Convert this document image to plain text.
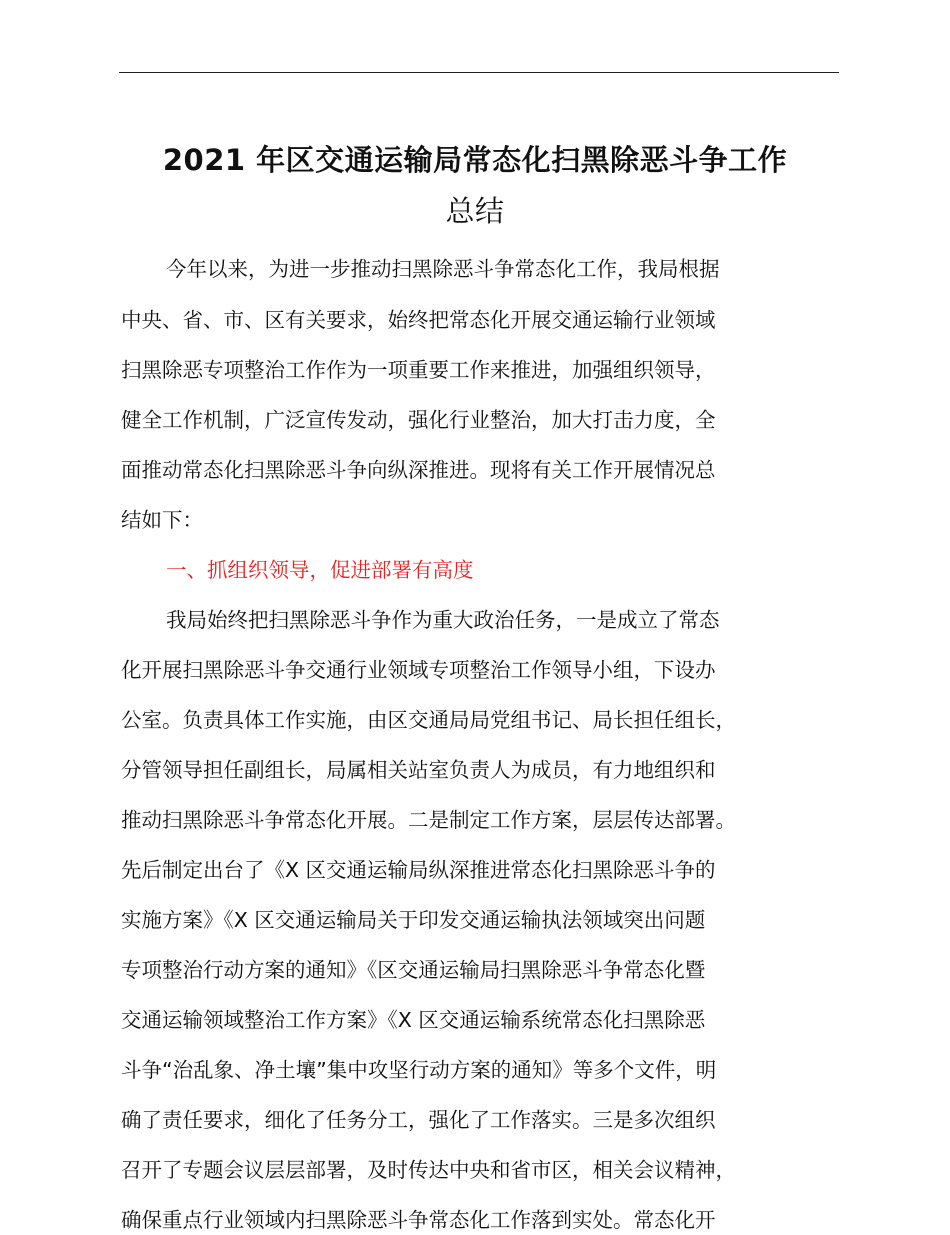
2021 年区交通运输局常态化扫黑除恶斗争工作
总结

今年以来，为进一步推动扫黑除恶斗争常态化工作，我局根据

中央、省、市、区有关要求，始终把常态化开展交通运输行业领域

扫黑除恶专项整治工作作为一项重要工作来推进，加强组织领导，

健全工作机制，广泛宣传发动，强化行业整治，加大打击力度，全

面推动常态化扫黑除恶斗争向纵深推进。现将有关工作开展情况总

结如下：

一、抓组织领导，促进部署有高度

我局始终把扫黑除恶斗争作为重大政治任务，一是成立了常态

化开展扫黑除恶斗争交通行业领域专项整治工作领导小组，下设办

公室。负责具体工作实施，由区交通局局党组书记、局长担任组长，

分管领导担任副组长，局属相关站室负责人为成员，有力地组织和

推动扫黑除恶斗争常态化开展。二是制定工作方案，层层传达部署。

先后制定出台了《X 区交通运输局纵深推进常态化扫黑除恶斗争的

实施方案》《X 区交通运输局关于印发交通运输执法领域突出问题

专项整治行动方案的通知》《区交通运输局扫黑除恶斗争常态化暨

交通运输领域整治工作方案》《X 区交通运输系统常态化扫黑除恶

斗争“治乱象、净土壤”集中攻坚行动方案的通知》等多个文件，明

确了责任要求，细化了任务分工，强化了工作落实。三是多次组织

召开了专题会议层层部署，及时传达中央和省市区，相关会议精神，

确保重点行业领域内扫黑除恶斗争常态化工作落到实处。常态化开
